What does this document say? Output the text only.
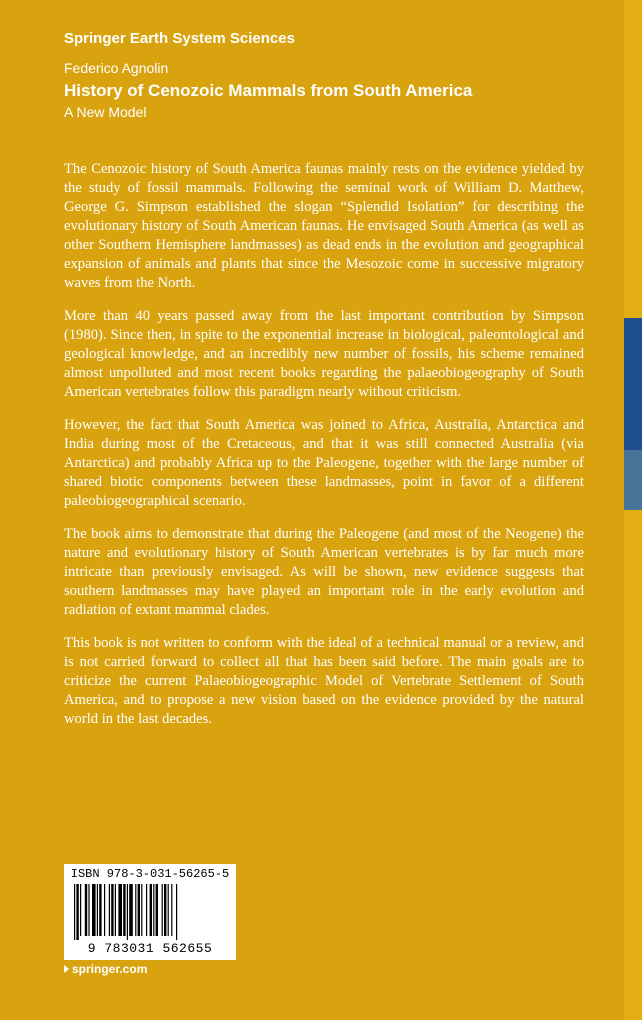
Springer Earth System Sciences
Federico Agnolin
History of Cenozoic Mammals from South America
A New Model

The Cenozoic history of South America faunas mainly rests on the evidence yielded by the study of fossil mammals. Following the seminal work of William D. Matthew, George G. Simpson established the slogan “Splendid Isolation” for describing the evolutionary history of South American faunas. He envisaged South America (as well as other Southern Hemisphere landmasses) as dead ends in the evolution and geographical expansion of animals and plants that since the Mesozoic come in successive migratory waves from the North.

More than 40 years passed away from the last important contribution by Simpson (1980). Since then, in spite to the exponential increase in biological, paleontological and geological knowledge, and an incredibly new number of fossils, his scheme remained almost unpolluted and most recent books regarding the palaeobiogeography of South American vertebrates follow this paradigm nearly without criticism.

However, the fact that South America was joined to Africa, Australia, Antarctica and India during most of the Cretaceous, and that it was still connected Australia (via Antarctica) and probably Africa up to the Paleogene, together with the large number of shared biotic components between these landmasses, point in favor of a different paleobiogeographical scenario.

The book aims to demonstrate that during the Paleogene (and most of the Neogene) the nature and evolutionary history of South American vertebrates is by far much more intricate than previously envisaged. As will be shown, new evidence suggests that southern landmasses may have played an important role in the early evolution and radiation of extant mammal clades.

This book is not written to conform with the ideal of a technical manual or a review, and is not carried forward to collect all that has been said before. The main goals are to criticize the current Palaeobiogeographic Model of Vertebrate Settlement of South America, and to propose a new vision based on the evidence provided by the natural world in the last decades.

ISBN 978-3-031-56265-5
9 783031 562655
springer.com
